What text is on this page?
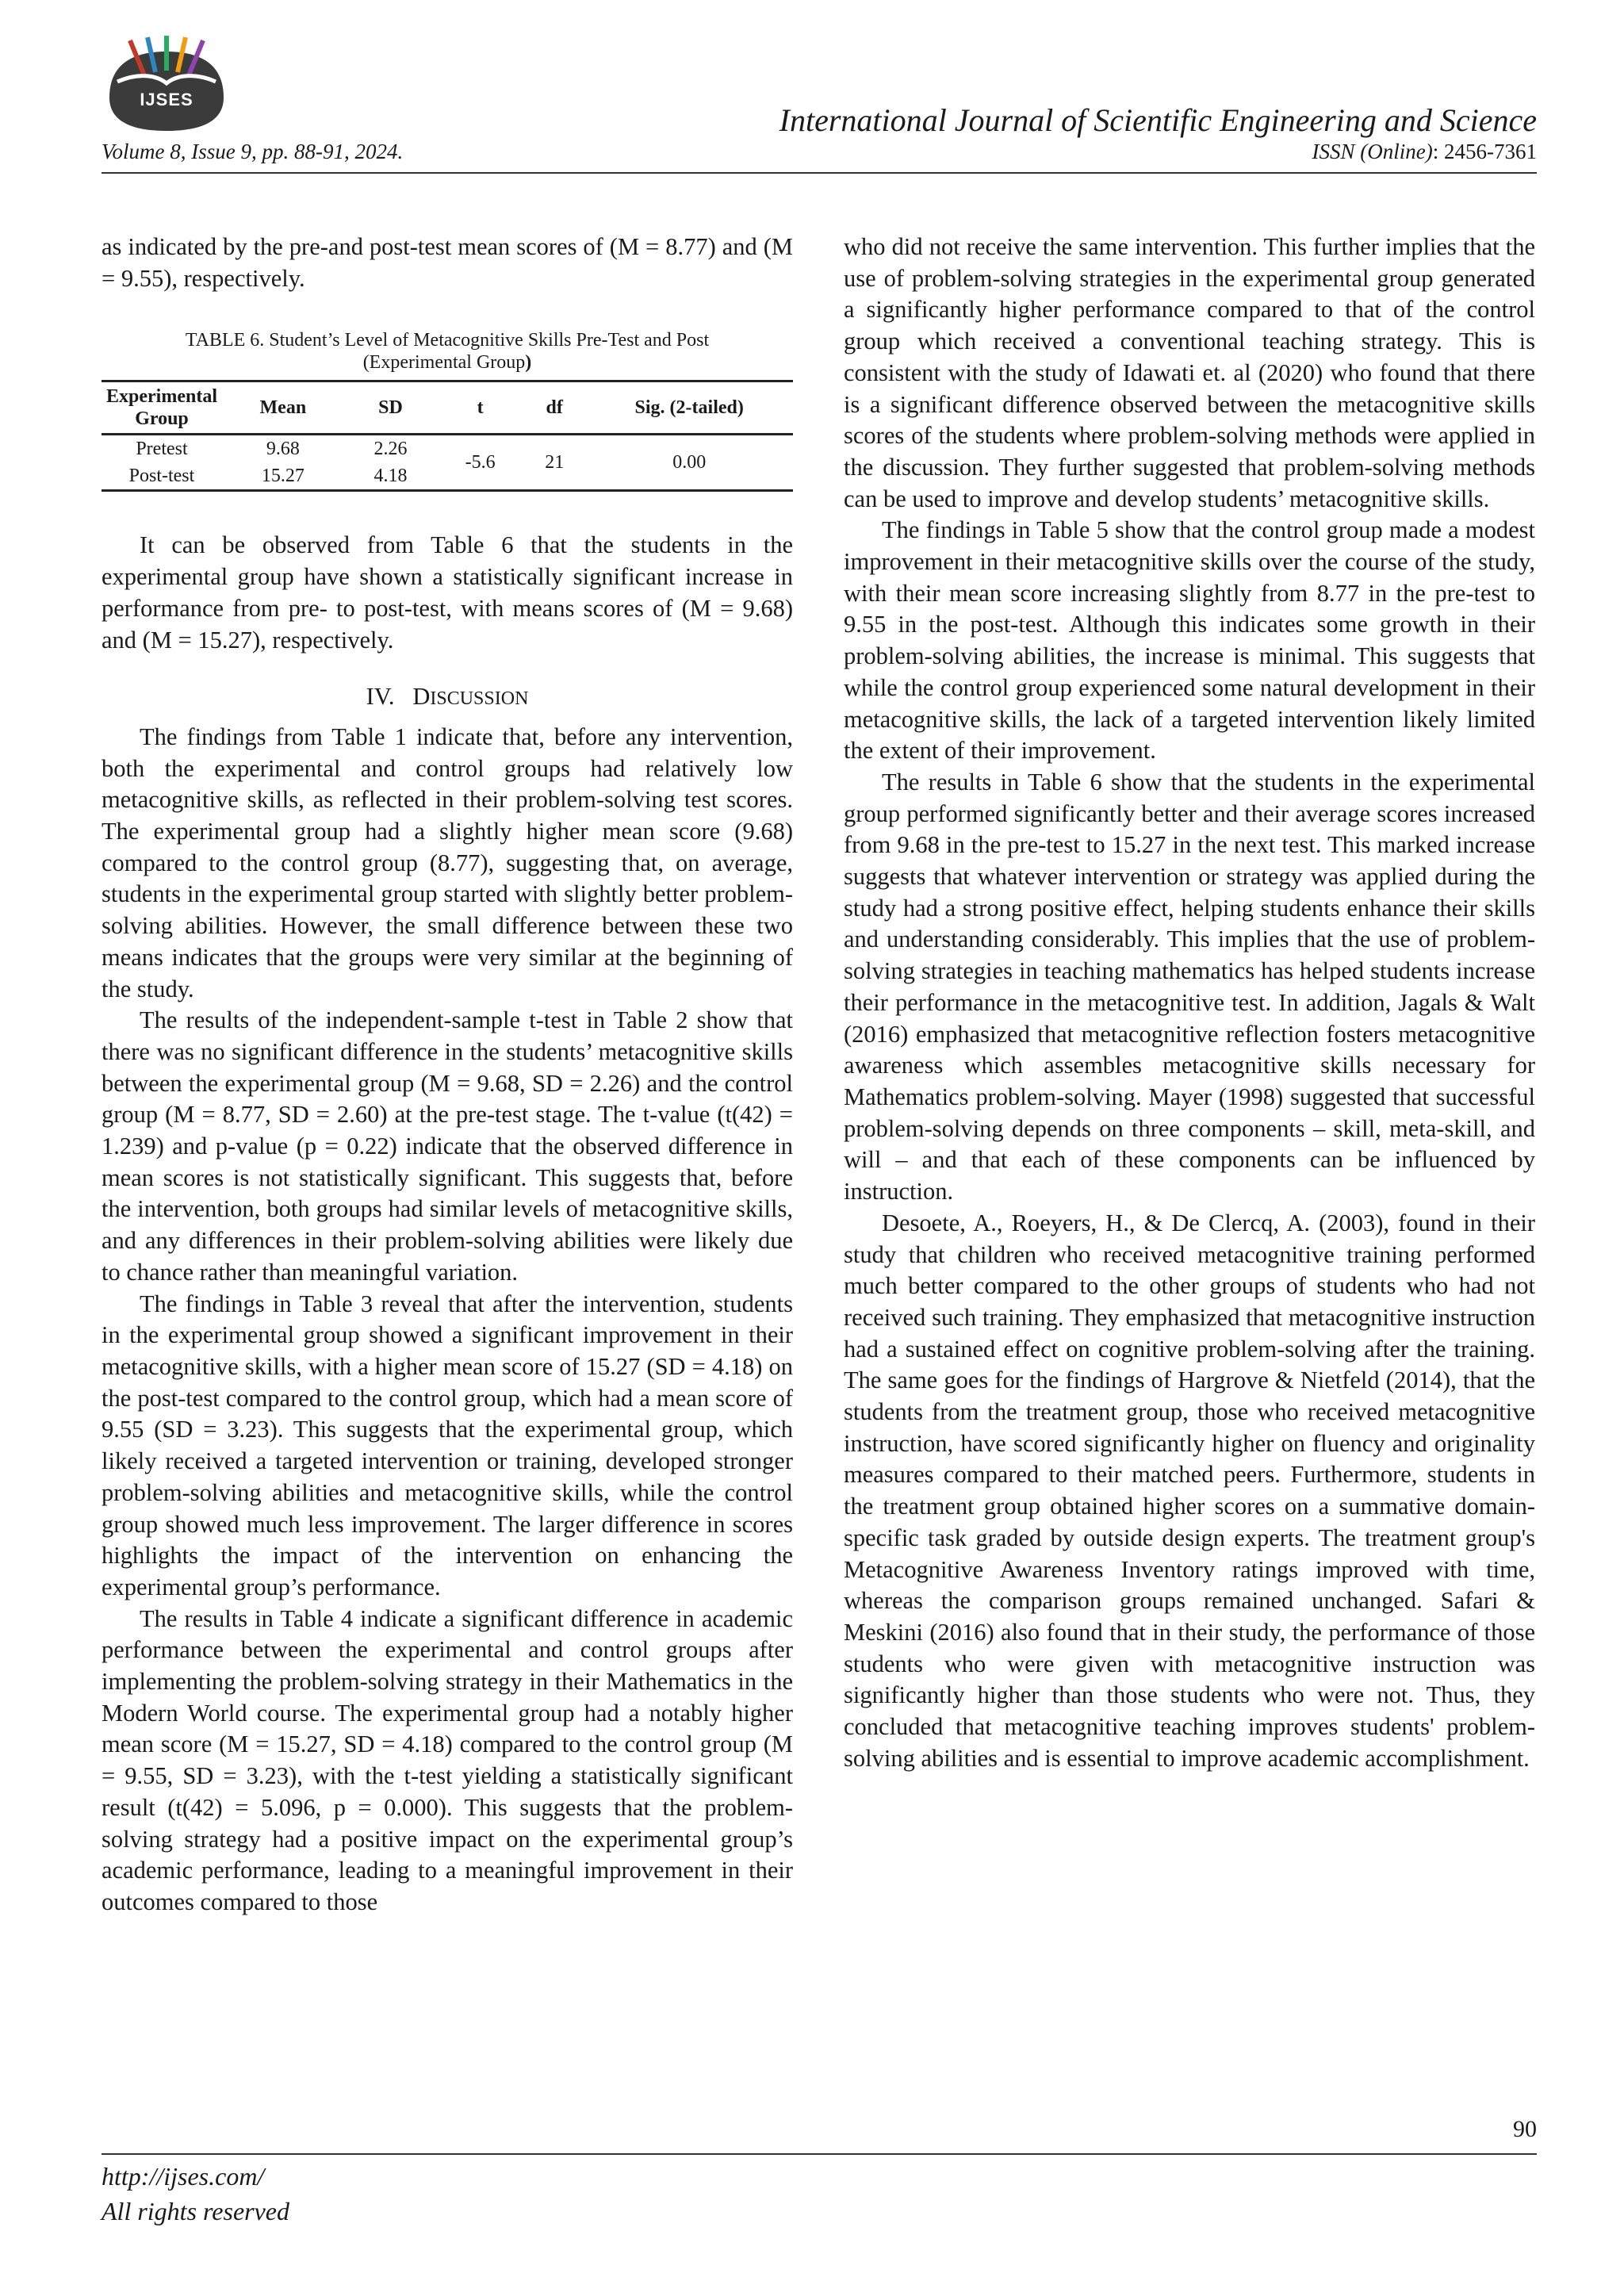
IJSES
International Journal of Scientific Engineering and Science
Volume 8, Issue 9, pp. 88-91, 2024.	ISSN (Online): 2456-7361

as indicated by the pre-and post-test mean scores of (M = 8.77) and (M = 9.55), respectively.

TABLE 6. Student’s Level of Metacognitive Skills Pre-Test and Post
(Experimental Group)
Experimental Group	Mean	SD	t	df	Sig. (2-tailed)
Pretest	9.68	2.26	-5.6	21	0.00
Post-test	15.27	4.18			

It can be observed from Table 6 that the students in the experimental group have shown a statistically significant increase in performance from pre- to post-test, with means scores of (M = 9.68) and (M = 15.27), respectively.

IV. DISCUSSION

The findings from Table 1 indicate that, before any intervention, both the experimental and control groups had relatively low metacognitive skills, as reflected in their problem-solving test scores. The experimental group had a slightly higher mean score (9.68) compared to the control group (8.77), suggesting that, on average, students in the experimental group started with slightly better problem-solving abilities. However, the small difference between these two means indicates that the groups were very similar at the beginning of the study.

The results of the independent-sample t-test in Table 2 show that there was no significant difference in the students’ metacognitive skills between the experimental group (M = 9.68, SD = 2.26) and the control group (M = 8.77, SD = 2.60) at the pre-test stage. The t-value (t(42) = 1.239) and p-value (p = 0.22) indicate that the observed difference in mean scores is not statistically significant. This suggests that, before the intervention, both groups had similar levels of metacognitive skills, and any differences in their problem-solving abilities were likely due to chance rather than meaningful variation.

The findings in Table 3 reveal that after the intervention, students in the experimental group showed a significant improvement in their metacognitive skills, with a higher mean score of 15.27 (SD = 4.18) on the post-test compared to the control group, which had a mean score of 9.55 (SD = 3.23). This suggests that the experimental group, which likely received a targeted intervention or training, developed stronger problem-solving abilities and metacognitive skills, while the control group showed much less improvement. The larger difference in scores highlights the impact of the intervention on enhancing the experimental group’s performance.

The results in Table 4 indicate a significant difference in academic performance between the experimental and control groups after implementing the problem-solving strategy in their Mathematics in the Modern World course. The experimental group had a notably higher mean score (M = 15.27, SD = 4.18) compared to the control group (M = 9.55, SD = 3.23), with the t-test yielding a statistically significant result (t(42) = 5.096, p = 0.000). This suggests that the problem-solving strategy had a positive impact on the experimental group’s academic performance, leading to a meaningful improvement in their outcomes compared to those

who did not receive the same intervention. This further implies that the use of problem-solving strategies in the experimental group generated a significantly higher performance compared to that of the control group which received a conventional teaching strategy. This is consistent with the study of Idawati et. al (2020) who found that there is a significant difference observed between the metacognitive skills scores of the students where problem-solving methods were applied in the discussion. They further suggested that problem-solving methods can be used to improve and develop students’ metacognitive skills.

The findings in Table 5 show that the control group made a modest improvement in their metacognitive skills over the course of the study, with their mean score increasing slightly from 8.77 in the pre-test to 9.55 in the post-test. Although this indicates some growth in their problem-solving abilities, the increase is minimal. This suggests that while the control group experienced some natural development in their metacognitive skills, the lack of a targeted intervention likely limited the extent of their improvement.

The results in Table 6 show that the students in the experimental group performed significantly better and their average scores increased from 9.68 in the pre-test to 15.27 in the next test. This marked increase suggests that whatever intervention or strategy was applied during the study had a strong positive effect, helping students enhance their skills and understanding considerably. This implies that the use of problem-solving strategies in teaching mathematics has helped students increase their performance in the metacognitive test. In addition, Jagals & Walt (2016) emphasized that metacognitive reflection fosters metacognitive awareness which assembles metacognitive skills necessary for Mathematics problem-solving. Mayer (1998) suggested that successful problem-solving depends on three components – skill, meta-skill, and will – and that each of these components can be influenced by instruction.

Desoete, A., Roeyers, H., & De Clercq, A. (2003), found in their study that children who received metacognitive training performed much better compared to the other groups of students who had not received such training. They emphasized that metacognitive instruction had a sustained effect on cognitive problem-solving after the training. The same goes for the findings of Hargrove & Nietfeld (2014), that the students from the treatment group, those who received metacognitive instruction, have scored significantly higher on fluency and originality measures compared to their matched peers. Furthermore, students in the treatment group obtained higher scores on a summative domain-specific task graded by outside design experts. The treatment group's Metacognitive Awareness Inventory ratings improved with time, whereas the comparison groups remained unchanged. Safari & Meskini (2016) also found that in their study, the performance of those students who were given with metacognitive instruction was significantly higher than those students who were not. Thus, they concluded that metacognitive teaching improves students' problem-solving abilities and is essential to improve academic accomplishment.

90
http://ijses.com/
All rights reserved
